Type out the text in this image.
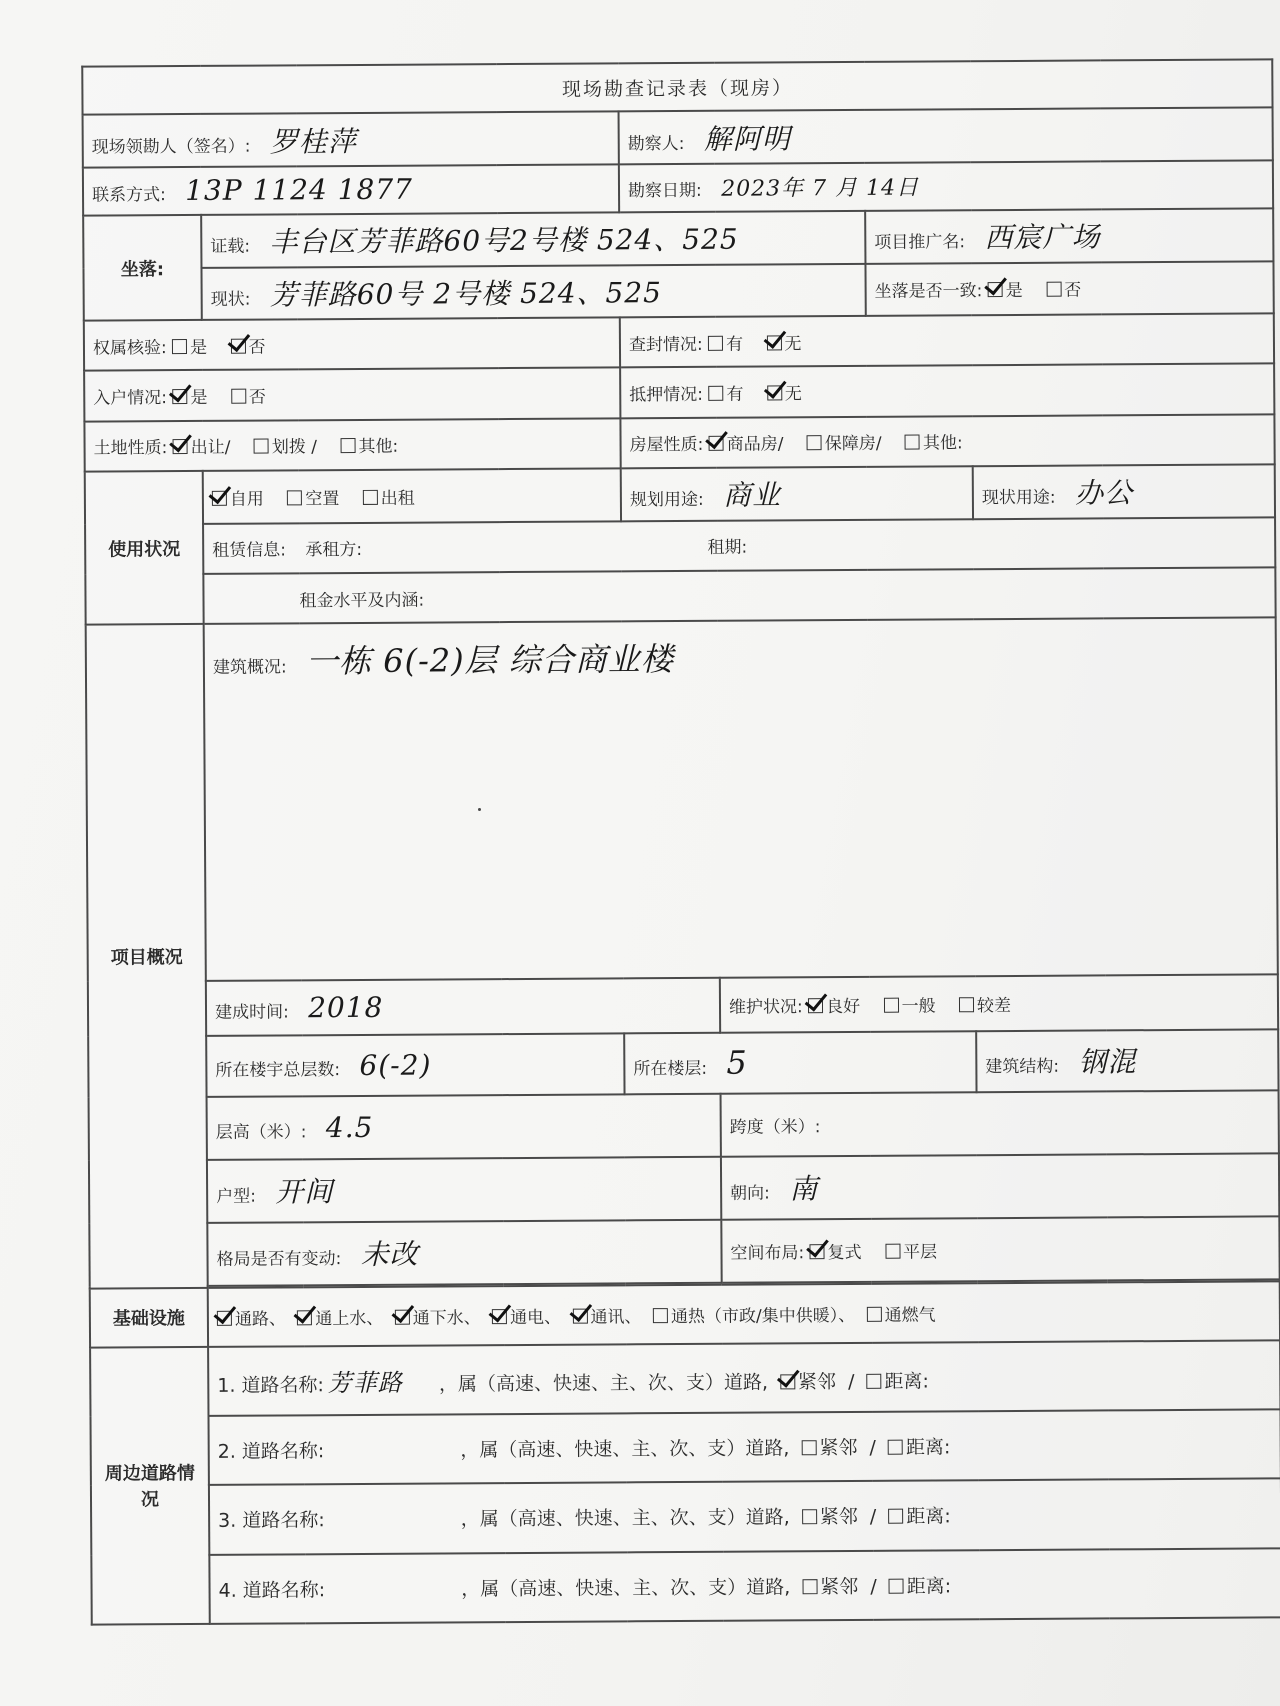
现场勘查记录表（现房）					
现场领勘人（签名）: 罗桂萍		勘察人: 解阿明			
联系方式: 13P 1124 1877		勘察日期: 2023年 7 月 14日			
坐落:	证载: 丰台区芳菲路60号2号楼 524、525			项目推广名: 西宸广场	
	现状: 芳菲路60号 2号楼 524、525			坐落是否一致: 是 否	
权属核验: 是 否		查封情况: 有 无			
入户情况: 是 否		抵押情况: 有 无			
土地性质: 出让/ 划拨 / 其他:		房屋性质: 商品房/ 保障房/ 其他:			
使用状况	自用 空置 出租	规划用途: 商业			现状用途: 办公
	租赁信息: 承租方: 租期:				
	租金水平及内涵:				
项目概况	建筑概况: 一栋 6(-2)层 综合商业楼				
	建成时间: 2018		维护状况: 良好 一般 较差		
	所在楼宇总层数: 6(-2)	所在楼层: 5			建筑结构: 钢混
	层高（米）: 4.5		跨度（米）:		
	户型: 开间		朝向: 南		
	格局是否有变动: 未改		空间布局: 复式 平层		

基础设施	通路、 通上水、 通下水、 通电、 通讯、 通热（市政/集中供暖）、 通燃气				
周边道路情况	1. 道路名称: 芳菲路 ，属（高速、快速、主、次、支）道路, 紧邻 / 距离:				
	2. 道路名称: ，属（高速、快速、主、次、支）道路, 紧邻 / 距离:				
	3. 道路名称: ，属（高速、快速、主、次、支）道路, 紧邻 / 距离:				
	4. 道路名称: ，属（高速、快速、主、次、支）道路, 紧邻 / 距离:				
